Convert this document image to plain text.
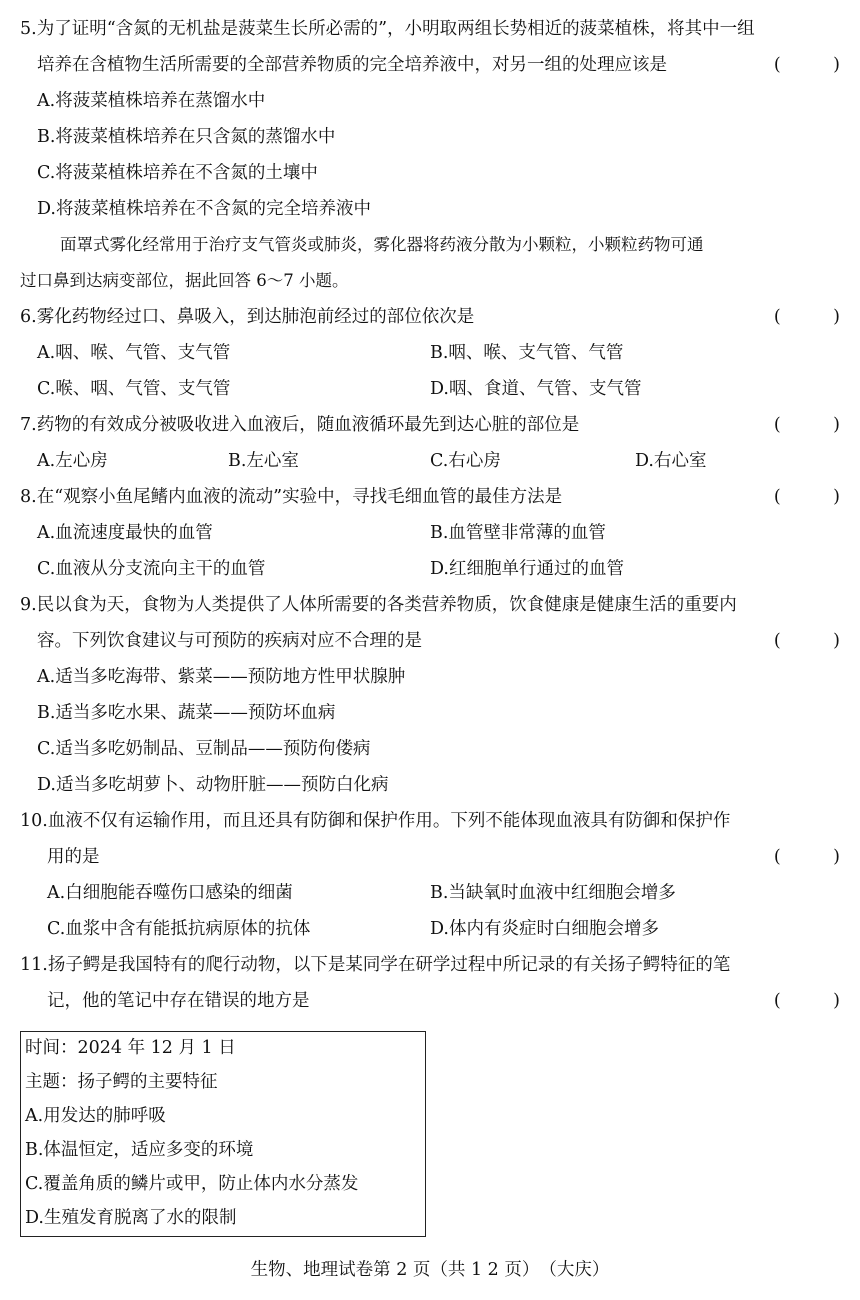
5.为了证明“含氮的无机盐是菠菜生长所必需的”，小明取两组长势相近的菠菜植株，将其中一组
培养在含植物生活所需要的全部营养物质的完全培养液中，对另一组的处理应该是	(　　　)
A.将菠菜植株培养在蒸馏水中
B.将菠菜植株培养在只含氮的蒸馏水中
C.将菠菜植株培养在不含氮的土壤中
D.将菠菜植株培养在不含氮的完全培养液中
面罩式雾化经常用于治疗支气管炎或肺炎，雾化器将药液分散为小颗粒，小颗粒药物可通
过口鼻到达病变部位，据此回答 6～7 小题。
6.雾化药物经过口、鼻吸入，到达肺泡前经过的部位依次是	(　　　)
A.咽、喉、气管、支气管	B.咽、喉、支气管、气管
C.喉、咽、气管、支气管	D.咽、食道、气管、支气管
7.药物的有效成分被吸收进入血液后，随血液循环最先到达心脏的部位是	(　　　)
A.左心房	B.左心室	C.右心房	D.右心室
8.在“观察小鱼尾鳍内血液的流动”实验中，寻找毛细血管的最佳方法是	(　　　)
A.血流速度最快的血管	B.血管壁非常薄的血管
C.血液从分支流向主干的血管	D.红细胞单行通过的血管
9.民以食为天，食物为人类提供了人体所需要的各类营养物质，饮食健康是健康生活的重要内
容。下列饮食建议与可预防的疾病对应不合理的是	(　　　)
A.适当多吃海带、紫菜——预防地方性甲状腺肿
B.适当多吃水果、蔬菜——预防坏血病
C.适当多吃奶制品、豆制品——预防佝偻病
D.适当多吃胡萝卜、动物肝脏——预防白化病
10.血液不仅有运输作用，而且还具有防御和保护作用。下列不能体现血液具有防御和保护作
用的是	(　　　)
A.白细胞能吞噬伤口感染的细菌	B.当缺氧时血液中红细胞会增多
C.血浆中含有能抵抗病原体的抗体	D.体内有炎症时白细胞会增多
11.扬子鳄是我国特有的爬行动物，以下是某同学在研学过程中所记录的有关扬子鳄特征的笔
记，他的笔记中存在错误的地方是	(　　　)
时间：2024 年 12 月 1 日
主题：扬子鳄的主要特征
A.用发达的肺呼吸
B.体温恒定，适应多变的环境
C.覆盖角质的鳞片或甲，防止体内水分蒸发
D.生殖发育脱离了水的限制
生物、地理试卷第 2 页（共 1 2 页）　（大庆）
